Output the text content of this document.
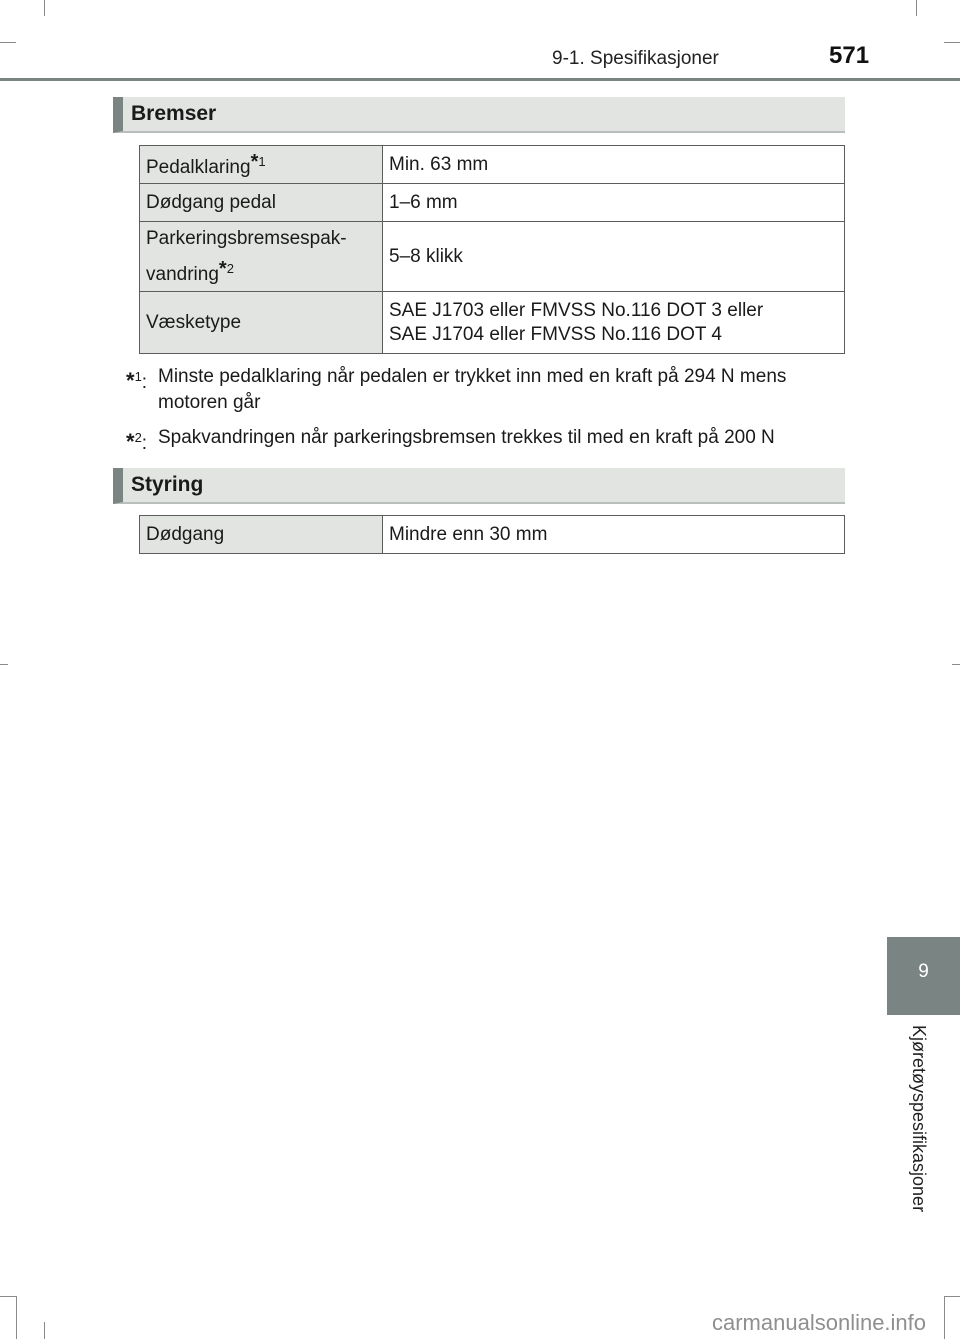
9-1. Spesifikasjoner	571
Bremser
Pedalklaring$^{*1}$	Min. 63 mm
Dødgang pedal	1–6 mm
Parkeringsbremsespak-
vandring$^{*2}$	5–8 klikk
Væsketype	SAE J1703 eller FMVSS No.116 DOT 3 eller
SAE J1704 eller FMVSS No.116 DOT 4
*$^1$: Minste pedalklaring når pedalen er trykket inn med en kraft på 294 N mens motoren går
*$^2$: Spakvandringen når parkeringsbremsen trekkes til med en kraft på 200 N
Styring
Dødgang	Mindre enn 30 mm
9
Kjøretøyspesifikasjoner
carmanualsonline.info
